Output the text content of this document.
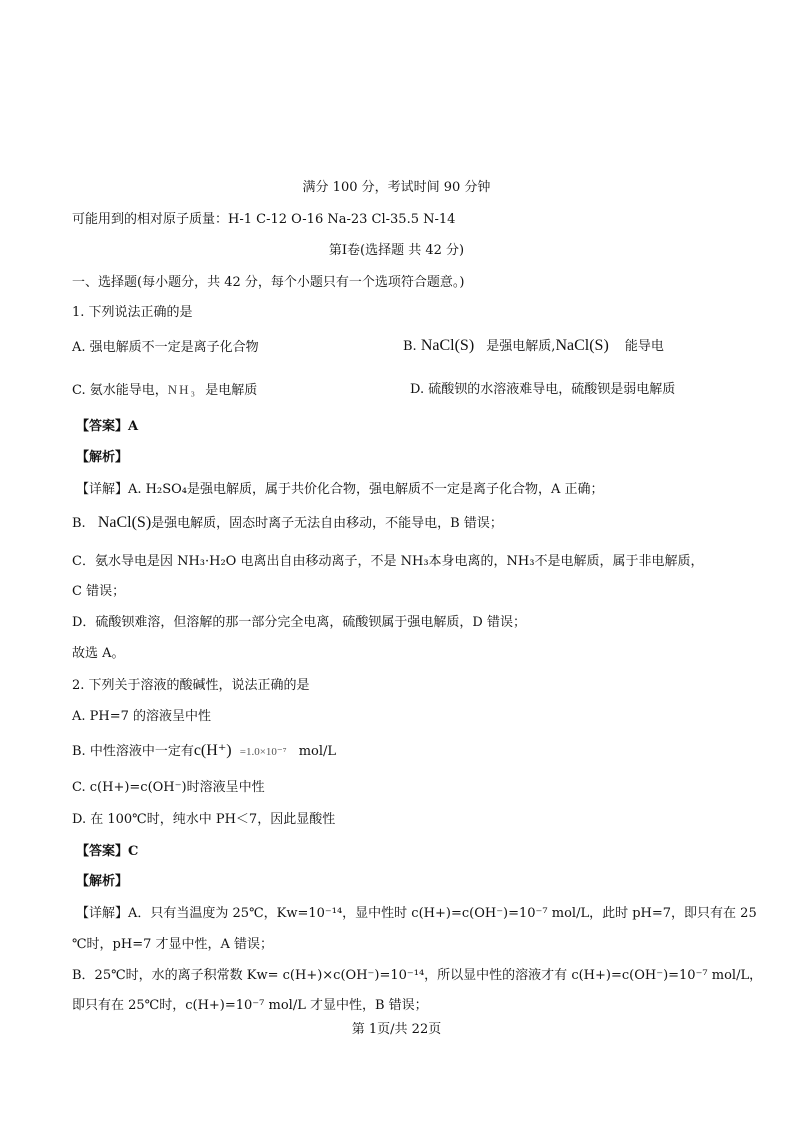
满分 100 分，考试时间 90 分钟
可能用到的相对原子质量：H-1 C-12 O-16 Na-23 Cl-35.5 N-14
第Ⅰ卷(选择题 共 42 分)
一、选择题(每小题分，共 42 分，每个小题只有一个选项符合题意。)
1. 下列说法正确的是
A. 强电解质不一定是离子化合物	B. NaCl(S) 是强电解质,NaCl(S) 能导电
C. 氨水能导电，NH₃ 是电解质	D. 硫酸钡的水溶液难导电，硫酸钡是弱电解质
【答案】A
【解析】
【详解】A. H₂SO₄是强电解质，属于共价化合物，强电解质不一定是离子化合物，A 正确；
B. NaCl(S)是强电解质，固态时离子无法自由移动，不能导电，B 错误；
C．氨水导电是因 NH₃·H₂O 电离出自由移动离子，不是 NH₃本身电离的，NH₃不是电解质，属于非电解质，
C 错误；
D．硫酸钡难溶，但溶解的那一部分完全电离，硫酸钡属于强电解质，D 错误；
故选 A。
2. 下列关于溶液的酸碱性，说法正确的是
A. PH=7 的溶液呈中性
B. 中性溶液中一定有c(H⁺) =1.0×10⁻⁷ mol/L
C. c(H+)=c(OH⁻)时溶液呈中性
D. 在 100℃时，纯水中 PH＜7，因此显酸性
【答案】C
【解析】
【详解】A．只有当温度为 25℃，Kw=10⁻¹⁴，显中性时 c(H+)=c(OH⁻)=10⁻⁷ mol/L，此时 pH=7，即只有在 25
℃时，pH=7 才显中性，A 错误；
B．25℃时，水的离子积常数 Kw= c(H+)×c(OH⁻)=10⁻¹⁴，所以显中性的溶液才有 c(H+)=c(OH⁻)=10⁻⁷ mol/L，
即只有在 25℃时，c(H+)=10⁻⁷ mol/L 才显中性，B 错误；
第 1页/共 22页
